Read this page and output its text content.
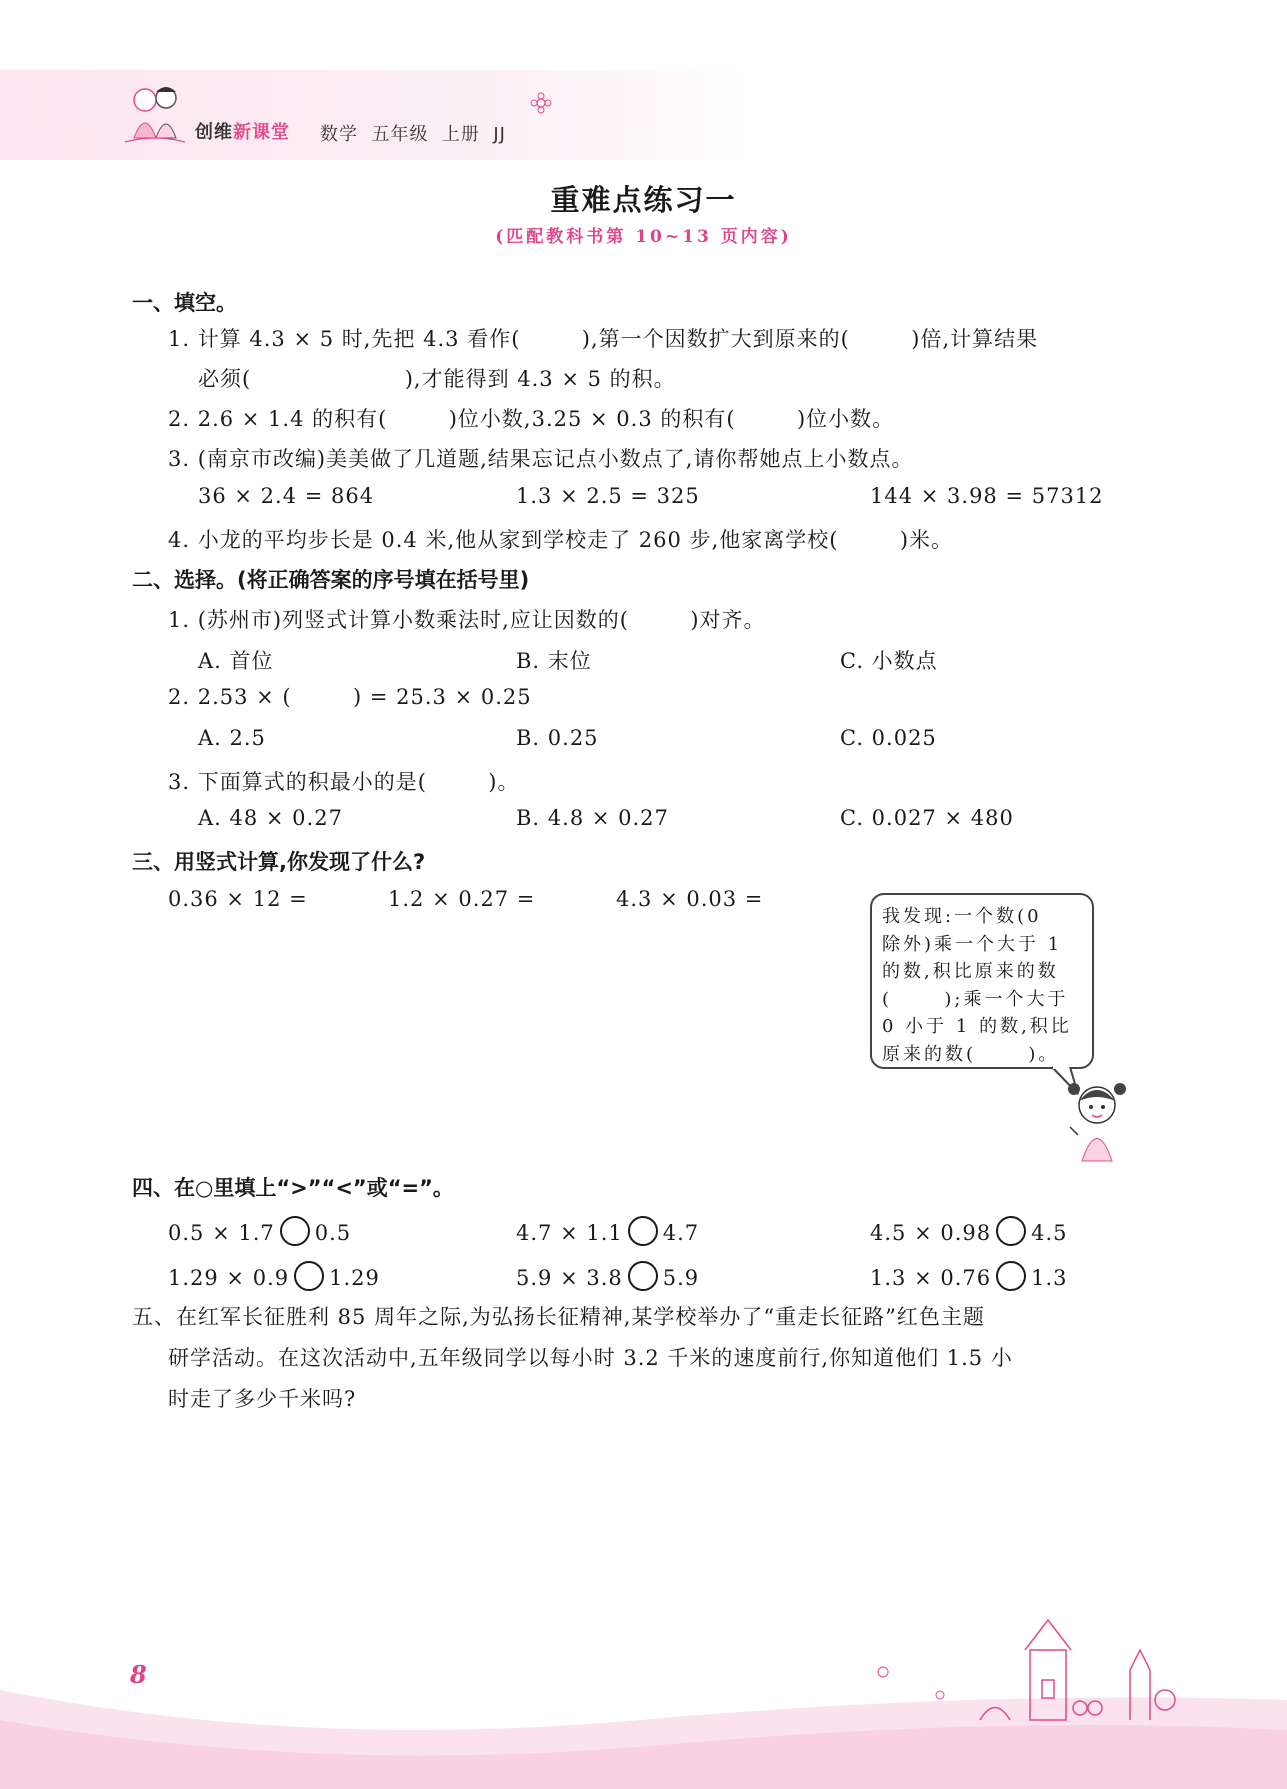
创维新课堂 数学  五年级  上册  JJ
重难点练习一
(匹配教科书第 10~13 页内容)
一、填空。
1. 计算 4.3 × 5 时,先把 4.3 看作(        ),第一个因数扩大到原来的(        )倍,计算结果
必须(                    ),才能得到 4.3 × 5 的积。
2. 2.6 × 1.4 的积有(        )位小数,3.25 × 0.3 的积有(        )位小数。
3. (南京市改编)美美做了几道题,结果忘记点小数点了,请你帮她点上小数点。
36 × 2.4 = 864	1.3 × 2.5 = 325	144 × 3.98 = 57312
4. 小龙的平均步长是 0.4 米,他从家到学校走了 260 步,他家离学校(        )米。
二、选择。(将正确答案的序号填在括号里)
1. (苏州市)列竖式计算小数乘法时,应让因数的(        )对齐。
A. 首位	B. 末位	C. 小数点
2. 2.53 × (        ) = 25.3 × 0.25
A. 2.5	B. 0.25	C. 0.025
3. 下面算式的积最小的是(        )。
A. 48 × 0.27	B. 4.8 × 0.27	C. 0.027 × 480
三、用竖式计算,你发现了什么?
0.36 × 12 =	1.2 × 0.27 =	4.3 × 0.03 =
我发现:一个数(0
除外)乘一个大于 1
的数,积比原来的数
(      );乘一个大于
0 小于 1 的数,积比
原来的数(      )。
四、在○里填上“>”“<”或“=”。
0.5 × 1.7 0.5	4.7 × 1.1 4.7	4.5 × 0.98 4.5
1.29 × 0.9 1.29	5.9 × 3.8 5.9	1.3 × 0.76 1.3
五、在红军长征胜利 85 周年之际,为弘扬长征精神,某学校举办了“重走长征路”红色主题
研学活动。在这次活动中,五年级同学以每小时 3.2 千米的速度前行,你知道他们 1.5 小
时走了多少千米吗?
8
